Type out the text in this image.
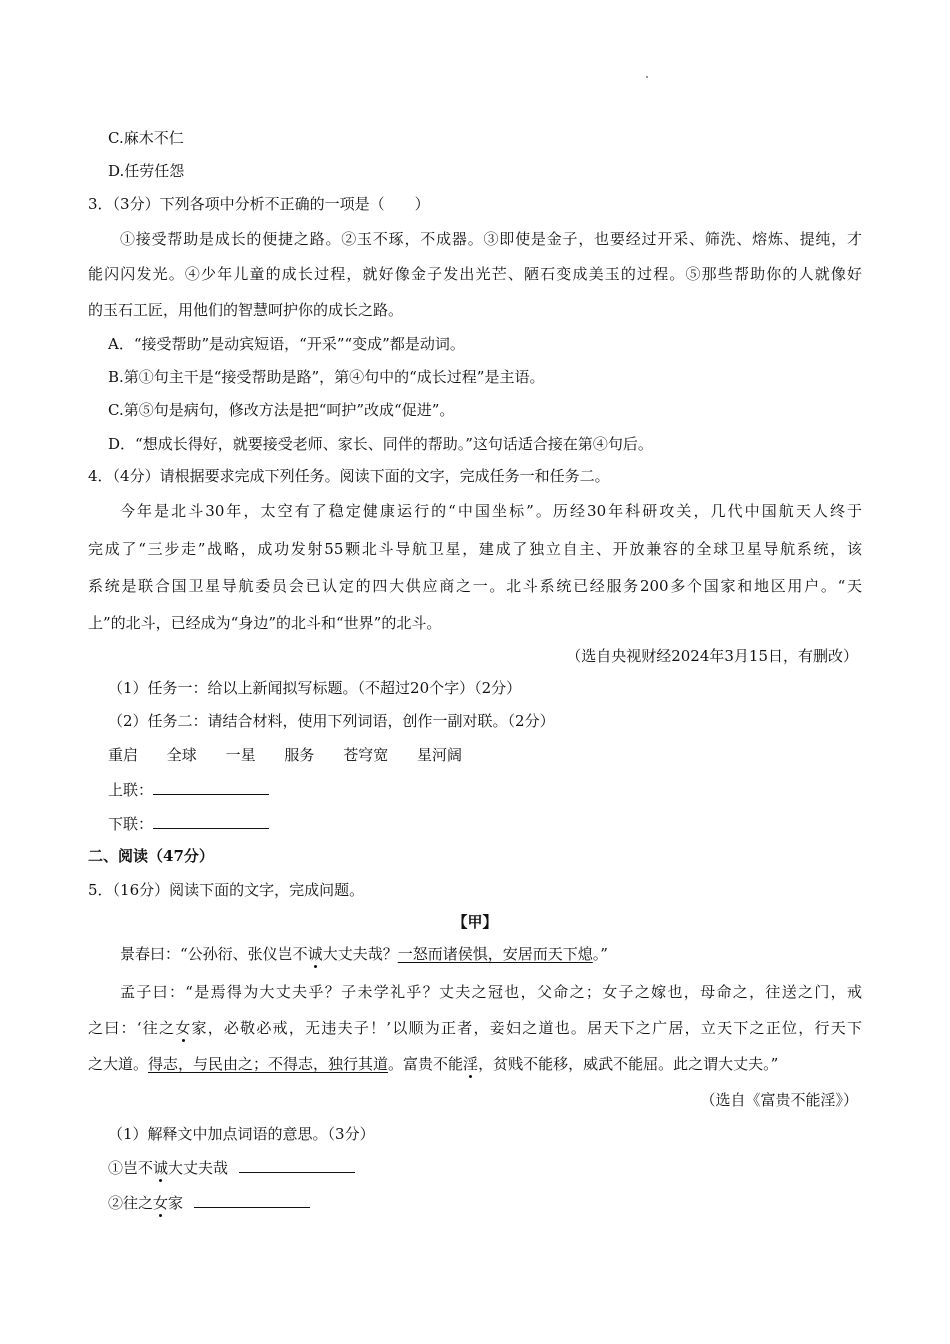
C.麻木不仁
D.任劳任怨
3．（3分）下列各项中分析不正确的一项是（　　）
①接受帮助是成长的便捷之路。②玉不琢，不成器。③即使是金子，也要经过开采、筛洗、熔炼、提纯，才
能闪闪发光。④少年儿童的成长过程，就好像金子发出光芒、陋石变成美玉的过程。⑤那些帮助你的人就像好
的玉石工匠，用他们的智慧呵护你的成长之路。
A．“接受帮助”是动宾短语，“开采”“变成”都是动词。
B.第①句主干是“接受帮助是路”，第④句中的“成长过程”是主语。
C.第⑤句是病句，修改方法是把“呵护”改成“促进”。
D．“想成长得好，就要接受老师、家长、同伴的帮助。”这句话适合接在第④句后。
4．（4分）请根据要求完成下列任务。阅读下面的文字，完成任务一和任务二。
今年是北斗30年，太空有了稳定健康运行的“中国坐标”。历经30年科研攻关，几代中国航天人终于
完成了“三步走”战略，成功发射55颗北斗导航卫星，建成了独立自主、开放兼容的全球卫星导航系统，该
系统是联合国卫星导航委员会已认定的四大供应商之一。北斗系统已经服务200多个国家和地区用户。“天
上”的北斗，已经成为“身边”的北斗和“世界”的北斗。
（选自央视财经2024年3月15日，有删改）
（1）任务一：给以上新闻拟写标题。（不超过20个字）（2分）
（2）任务二：请结合材料，使用下列词语，创作一副对联。（2分）
重启 全球 一星 服务 苍穹宽 星河阔
上联：
下联：
二、阅读（47分）
5．（16分）阅读下面的文字，完成问题。
【甲】
景春曰：“公孙衍、张仪岂不诚大丈夫哉？一怒而诸侯惧，安居而天下熄。”
孟子曰：“是焉得为大丈夫乎？子未学礼乎？丈夫之冠也，父命之；女子之嫁也，母命之，往送之门，戒
之曰：‘往之女家，必敬必戒，无违夫子！’以顺为正者，妾妇之道也。居天下之广居，立天下之正位，行天下
之大道。得志，与民由之；不得志，独行其道。富贵不能淫，贫贱不能移，威武不能屈。此之谓大丈夫。”
（选自《富贵不能淫》）
（1）解释文中加点词语的意思。（3分）
①岂不诚大丈夫哉
②往之女家
